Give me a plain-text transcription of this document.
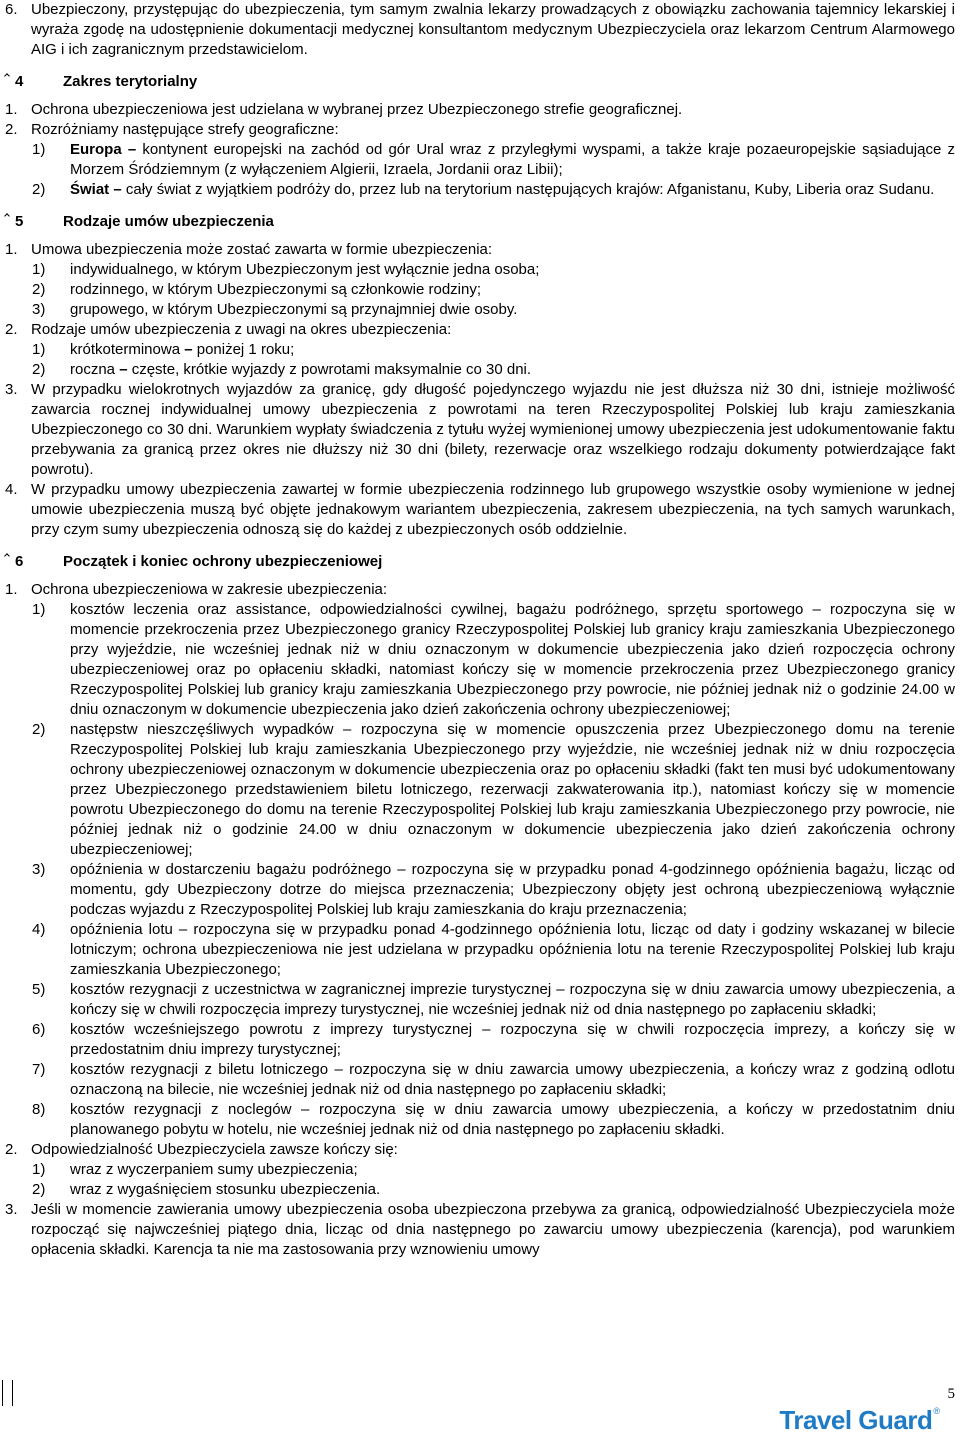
6. Ubezpieczony, przystępując do ubezpieczenia, tym samym zwalnia lekarzy prowadzących z obowiązku zachowania tajemnicy lekarskiej i wyraża zgodę na udostępnienie dokumentacji medycznej konsultantom medycznym Ubezpieczyciela oraz lekarzom Centrum Alarmowego AIG i ich zagranicznym przedstawicielom.
4	Zakres terytorialny
1. Ochrona ubezpieczeniowa jest udzielana w wybranej przez Ubezpieczonego strefie geograficznej.
2. Rozróżniamy następujące strefy geograficzne:
1)	Europa – kontynent europejski na zachód od gór Ural wraz z przyległymi wyspami, a także kraje pozaeuropejskie sąsiadujące z Morzem Śródziemnym (z wyłączeniem Algierii, Izraela, Jordanii oraz Libii);
2)	Świat – cały świat z wyjątkiem podróży do, przez lub na terytorium następujących krajów: Afganistanu, Kuby, Liberia oraz Sudanu.
5	Rodzaje umów ubezpieczenia
1. Umowa ubezpieczenia może zostać zawarta w formie ubezpieczenia:
1)	indywidualnego, w którym Ubezpieczonym jest wyłącznie jedna osoba;
2)	rodzinnego, w którym Ubezpieczonymi są członkowie rodziny;
3)	grupowego, w którym Ubezpieczonymi są przynajmniej dwie osoby.
2. Rodzaje umów ubezpieczenia z uwagi na okres ubezpieczenia:
1)	krótkoterminowa – poniżej 1 roku;
2)	roczna – częste, krótkie wyjazdy z powrotami maksymalnie co 30 dni.
3. W przypadku wielokrotnych wyjazdów za granicę, gdy długość pojedynczego wyjazdu nie jest dłuższa niż 30 dni, istnieje możliwość zawarcia rocznej indywidualnej umowy ubezpieczenia z powrotami na teren Rzeczypospolitej Polskiej lub kraju zamieszkania Ubezpieczonego co 30 dni. Warunkiem wypłaty świadczenia z tytułu wyżej wymienionej umowy ubezpieczenia jest udokumentowanie faktu przebywania za granicą przez okres nie dłuższy niż 30 dni (bilety, rezerwacje oraz wszelkiego rodzaju dokumenty potwierdzające fakt powrotu).
4. W przypadku umowy ubezpieczenia zawartej w formie ubezpieczenia rodzinnego lub grupowego wszystkie osoby wymienione w jednej umowie ubezpieczenia muszą być objęte jednakowym wariantem ubezpieczenia, zakresem ubezpieczenia, na tych samych warunkach, przy czym sumy ubezpieczenia odnoszą się do każdej z ubezpieczonych osób oddzielnie.
6	Początek i koniec ochrony ubezpieczeniowej
1. Ochrona ubezpieczeniowa w zakresie ubezpieczenia:
1)	kosztów leczenia oraz assistance, odpowiedzialności cywilnej, bagażu podróżnego, sprzętu sportowego – rozpoczyna się w momencie przekroczenia przez Ubezpieczonego granicy Rzeczypospolitej Polskiej lub granicy kraju zamieszkania Ubezpieczonego przy wyjeździe, nie wcześniej jednak niż w dniu oznaczonym w dokumencie ubezpieczenia jako dzień rozpoczęcia ochrony ubezpieczeniowej oraz po opłaceniu składki, natomiast kończy się w momencie przekroczenia przez Ubezpieczonego granicy Rzeczypospolitej Polskiej lub granicy kraju zamieszkania Ubezpieczonego przy powrocie, nie później jednak niż o godzinie 24.00 w dniu oznaczonym w dokumencie ubezpieczenia jako dzień zakończenia ochrony ubezpieczeniowej;
2)	następstw nieszczęśliwych wypadków – rozpoczyna się w momencie opuszczenia przez Ubezpieczonego domu na terenie Rzeczypospolitej Polskiej lub kraju zamieszkania Ubezpieczonego przy wyjeździe, nie wcześniej jednak niż w dniu rozpoczęcia ochrony ubezpieczeniowej oznaczonym w dokumencie ubezpieczenia oraz po opłaceniu składki (fakt ten musi być udokumentowany przez Ubezpieczonego przedstawieniem biletu lotniczego, rezerwacji zakwaterowania itp.), natomiast kończy się w momencie powrotu Ubezpieczonego do domu na terenie Rzeczypospolitej Polskiej lub kraju zamieszkania Ubezpieczonego przy powrocie, nie później jednak niż o godzinie 24.00 w dniu oznaczonym w dokumencie ubezpieczenia jako dzień zakończenia ochrony ubezpieczeniowej;
3)	opóźnienia w dostarczeniu bagażu podróżnego – rozpoczyna się w przypadku ponad 4-godzinnego opóźnienia bagażu, licząc od momentu, gdy Ubezpieczony dotrze do miejsca przeznaczenia; Ubezpieczony objęty jest ochroną ubezpieczeniową wyłącznie podczas wyjazdu z Rzeczypospolitej Polskiej lub kraju zamieszkania do kraju przeznaczenia;
4)	opóźnienia lotu – rozpoczyna się w przypadku ponad 4-godzinnego opóźnienia lotu, licząc od daty i godziny wskazanej w bilecie lotniczym; ochrona ubezpieczeniowa nie jest udzielana w przypadku opóźnienia lotu na terenie Rzeczypospolitej Polskiej lub kraju zamieszkania Ubezpieczonego;
5)	kosztów rezygnacji z uczestnictwa w zagranicznej imprezie turystycznej – rozpoczyna się w dniu zawarcia umowy ubezpieczenia, a kończy się w chwili rozpoczęcia imprezy turystycznej, nie wcześniej jednak niż od dnia następnego po zapłaceniu składki;
6)	kosztów wcześniejszego powrotu z imprezy turystycznej – rozpoczyna się w chwili rozpoczęcia imprezy, a kończy się w przedostatnim dniu imprezy turystycznej;
7)	kosztów rezygnacji z biletu lotniczego – rozpoczyna się w dniu zawarcia umowy ubezpieczenia, a kończy wraz z godziną odlotu oznaczoną na bilecie, nie wcześniej jednak niż od dnia następnego po zapłaceniu składki;
8)	kosztów rezygnacji z noclegów – rozpoczyna się w dniu zawarcia umowy ubezpieczenia, a kończy w przedostatnim dniu planowanego pobytu w hotelu, nie wcześniej jednak niż od dnia następnego po zapłaceniu składki.
2. Odpowiedzialność Ubezpieczyciela zawsze kończy się:
1)	wraz z wyczerpaniem sumy ubezpieczenia;
2)	wraz z wygaśnięciem stosunku ubezpieczenia.
3. Jeśli w momencie zawierania umowy ubezpieczenia osoba ubezpieczona przebywa za granicą, odpowiedzialność Ubezpieczyciela może rozpocząć się najwcześniej piątego dnia, licząc od dnia następnego po zawarciu umowy ubezpieczenia (karencja), pod warunkiem opłacenia składki. Karencja ta nie ma zastosowania przy wznowieniu umowy
5
Travel Guard ®
